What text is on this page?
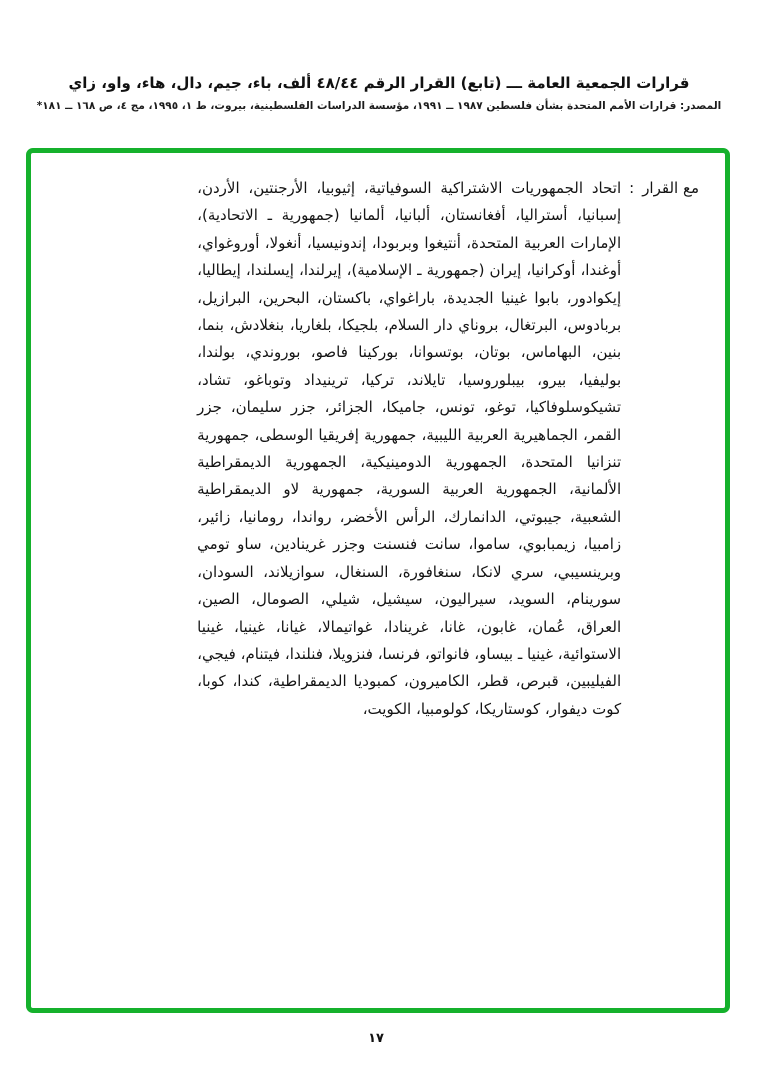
قرارات الجمعية العامة ـــ (تابع) القرار الرقم ٤٨/٤٤ ألف، باء، جيم، دال، هاء، واو، زاي
المصدر: قرارات الأمم المتحدة بشأن فلسطين ١٩٨٧ ــ ١٩٩١، مؤسسة الدراسات الفلسطينية، بيروت، ط ١، ١٩٩٥، مج ٤، ص ١٦٨ ــ ١٨١*
مع القرار
:
اتحاد الجمهوريات الاشتراكية السوفياتية، إثيوبيا، الأرجنتين، الأردن، إسبانيا، أستراليا، أفغانستان، ألبانيا، ألمانيا (جمهورية ـ الاتحادية)، الإمارات العربية المتحدة، أنتيغوا وبربودا، إندونيسيا، أنغولا، أوروغواي، أوغندا، أوكرانيا، إيران (جمهورية ـ الإسلامية)، إيرلندا، إيسلندا، إيطاليا، إيكوادور، بابوا غينيا الجديدة، باراغواي، باكستان، البحرين، البرازيل، بربادوس، البرتغال، بروناي دار السلام، بلجيكا، بلغاريا، بنغلادش، بنما، بنين، البهاماس، بوتان، بوتسوانا، بوركينا فاصو، بوروندي، بولندا، بوليفيا، بيرو، بيبلوروسيا، تايلاند، تركيا، ترينيداد وتوباغو، تشاد، تشيكوسلوفاكيا، توغو، تونس، جاميكا، الجزائر، جزر سليمان، جزر القمر، الجماهيرية العربية الليبية، جمهورية إفريقيا الوسطى، جمهورية تنزانيا المتحدة، الجمهورية الدومينيكية، الجمهورية الديمقراطية الألمانية، الجمهورية العربية السورية، جمهورية لاو الديمقراطية الشعبية، جيبوتي، الدانمارك، الرأس الأخضر، رواندا، رومانيا، زائير، زامبيا، زيمبابوي، ساموا، سانت فنسنت وجزر غرينادين، ساو تومي وبرينسيبي، سري لانكا، سنغافورة، السنغال، سوازيلاند، السودان، سورينام، السويد، سيراليون، سيشيل، شيلي، الصومال، الصين، العراق، عُمان، غابون، غانا، غرينادا، غواتيمالا، غيانا، غينيا، غينيا الاستوائية، غينيا ـ بيساو، فانواتو، فرنسا، فنزويلا، فنلندا، فيتنام، فيجي، الفيليبين، قبرص، قطر، الكاميرون، كمبوديا الديمقراطية، كندا، كوبا، كوت ديفوار، كوستاريكا، كولومبيا، الكويت،
١٧
